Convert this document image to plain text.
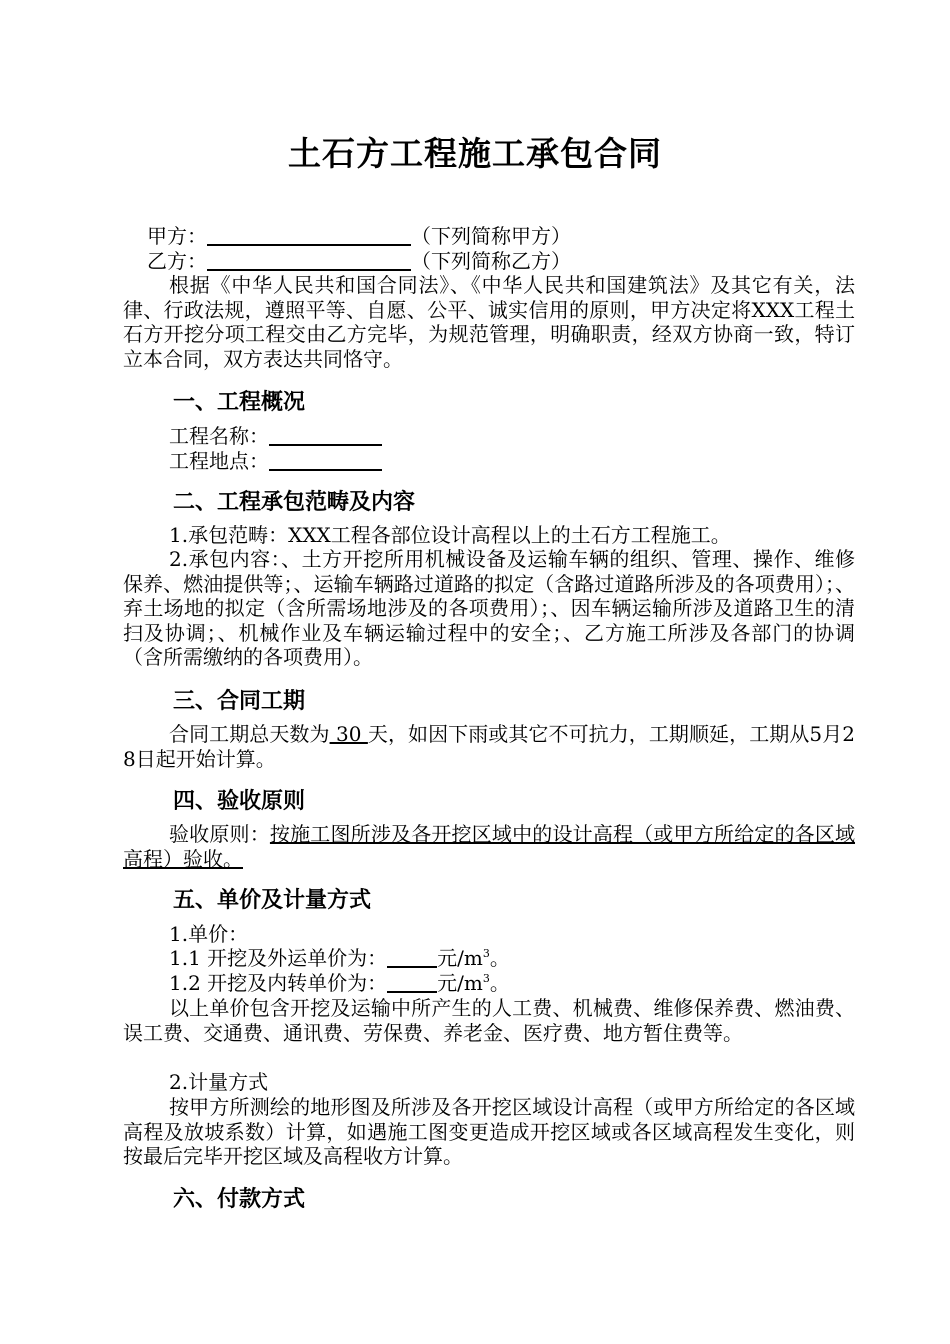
土石方工程施工承包合同
甲方：	（下列简称甲方）
乙方：	（下列简称乙方）
根据《中华人民共和国合同法》、《中华人民共和国建筑法》及其它有关，法律、行政法规，遵照平等、自愿、公平、诚实信用的原则，甲方决定将XXX工程土石方开挖分项工程交由乙方完毕，为规范管理，明确职责，经双方协商一致，特订立本合同，双方表达共同恪守。
一、工程概况
工程名称：
工程地点：
二、工程承包范畴及内容
1.承包范畴：XXX工程各部位设计高程以上的土石方工程施工。
2.承包内容：、土方开挖所用机械设备及运输车辆的组织、管理、操作、维修保养、燃油提供等；、运输车辆路过道路的拟定（含路过道路所涉及的各项费用）；、弃土场地的拟定（含所需场地涉及的各项费用）；、因车辆运输所涉及道路卫生的清扫及协调；、机械作业及车辆运输过程中的安全；、乙方施工所涉及各部门的协调（含所需缴纳的各项费用）。
三、合同工期
合同工期总天数为 30 天，如因下雨或其它不可抗力，工期顺延，工期从5月28日起开始计算。
四、验收原则
验收原则：按施工图所涉及各开挖区域中的设计高程（或甲方所给定的各区域高程）验收。
五、单价及计量方式
1.单价：
1.1 开挖及外运单价为：	元$/m^3$。
1.2 开挖及内转单价为：	元$/m^3$。
以上单价包含开挖及运输中所产生的人工费、机械费、维修保养费、燃油费、误工费、交通费、通讯费、劳保费、养老金、医疗费、地方暂住费等。
2.计量方式
按甲方所测绘的地形图及所涉及各开挖区域设计高程（或甲方所给定的各区域高程及放坡系数）计算，如遇施工图变更造成开挖区域或各区域高程发生变化，则按最后完毕开挖区域及高程收方计算。
六、付款方式
